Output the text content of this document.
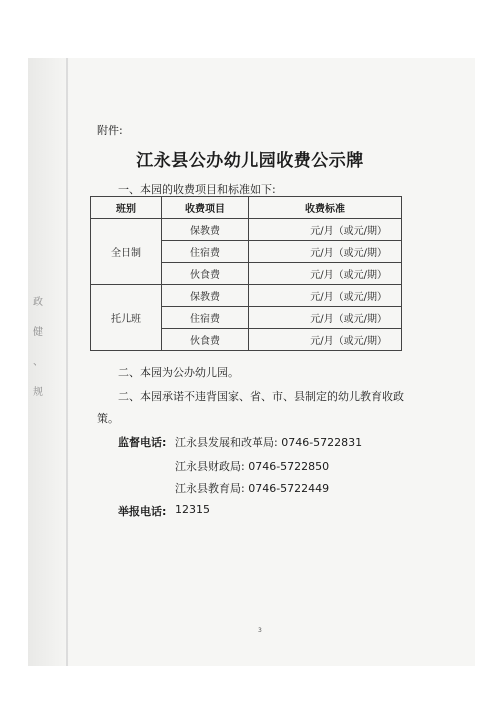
政
健
、
规
附件:
江永县公办幼儿园收费公示牌
一、本园的收费项目和标准如下:
班别	收费项目	收费标准
全日制	保教费	元/月（或元/期）
	住宿费	元/月（或元/期）
	伙食费	元/月（或元/期）
托儿班	保教费	元/月（或元/期）
	住宿费	元/月（或元/期）
	伙食费	元/月（或元/期）
二、本园为公办幼儿园。
二、本园承诺不违背国家、省、市、县制定的幼儿教育收政
策。
监督电话: 江永县发展和改革局: 0746-5722831
江永县财政局: 0746-5722850
江永县教育局: 0746-5722449
举报电话: 12315
3
